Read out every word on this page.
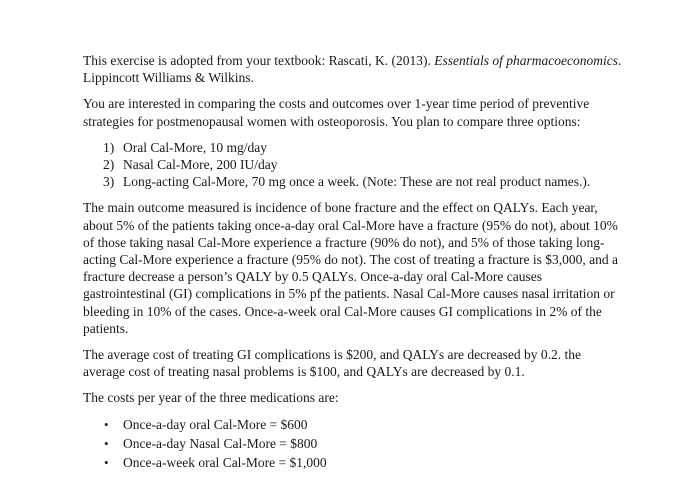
This exercise is adopted from your textbook: Rascati, K. (2013). Essentials of pharmacoeconomics. Lippincott Williams & Wilkins.

You are interested in comparing the costs and outcomes over 1-year time period of preventive strategies for postmenopausal women with osteoporosis. You plan to compare three options:

1) Oral Cal-More, 10 mg/day
2) Nasal Cal-More, 200 IU/day
3) Long-acting Cal-More, 70 mg once a week. (Note: These are not real product names.).

The main outcome measured is incidence of bone fracture and the effect on QALYs. Each year, about 5% of the patients taking once-a-day oral Cal-More have a fracture (95% do not), about 10% of those taking nasal Cal-More experience a fracture (90% do not), and 5% of those taking long-acting Cal-More experience a fracture (95% do not). The cost of treating a fracture is $3,000, and a fracture decrease a person’s QALY by 0.5 QALYs. Once-a-day oral Cal-More causes gastrointestinal (GI) complications in 5% pf the patients. Nasal Cal-More causes nasal irritation or bleeding in 10% of the cases. Once-a-week oral Cal-More causes GI complications in 2% of the patients.

The average cost of treating GI complications is $200, and QALYs are decreased by 0.2. the average cost of treating nasal problems is $100, and QALYs are decreased by 0.1.

The costs per year of the three medications are:

• Once-a-day oral Cal-More = $600
• Once-a-day Nasal Cal-More = $800
• Once-a-week oral Cal-More = $1,000
